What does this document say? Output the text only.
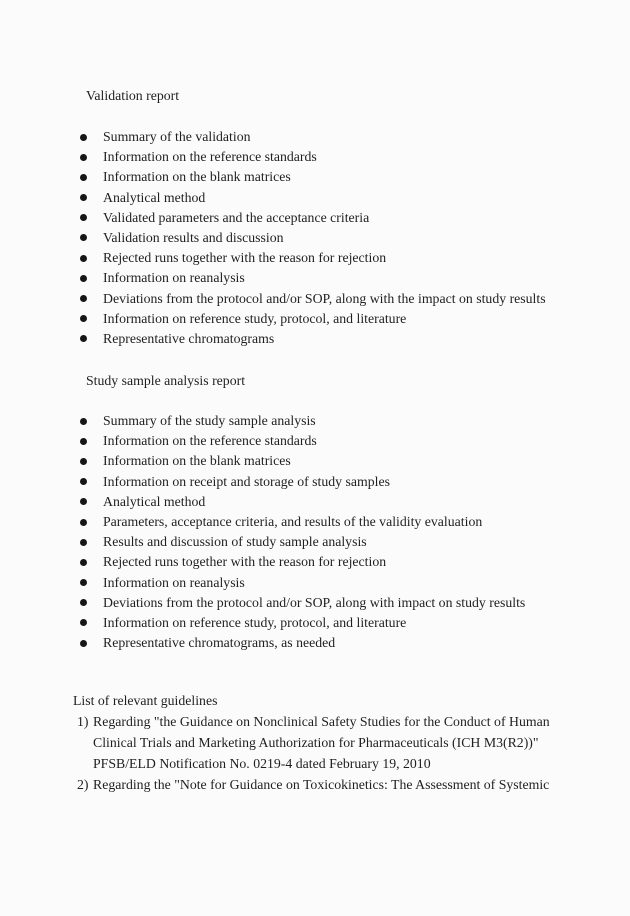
Validation report

Summary of the validation
Information on the reference standards
Information on the blank matrices
Analytical method
Validated parameters and the acceptance criteria
Validation results and discussion
Rejected runs together with the reason for rejection
Information on reanalysis
Deviations from the protocol and/or SOP, along with the impact on study results
Information on reference study, protocol, and literature
Representative chromatograms

Study sample analysis report

Summary of the study sample analysis
Information on the reference standards
Information on the blank matrices
Information on receipt and storage of study samples
Analytical method
Parameters, acceptance criteria, and results of the validity evaluation
Results and discussion of study sample analysis
Rejected runs together with the reason for rejection
Information on reanalysis
Deviations from the protocol and/or SOP, along with impact on study results
Information on reference study, protocol, and literature
Representative chromatograms, as needed

List of relevant guidelines

1) Regarding "the Guidance on Nonclinical Safety Studies for the Conduct of Human
Clinical Trials and Marketing Authorization for Pharmaceuticals (ICH M3(R2))"
PFSB/ELD Notification No. 0219-4 dated February 19, 2010
2) Regarding the "Note for Guidance on Toxicokinetics: The Assessment of Systemic
